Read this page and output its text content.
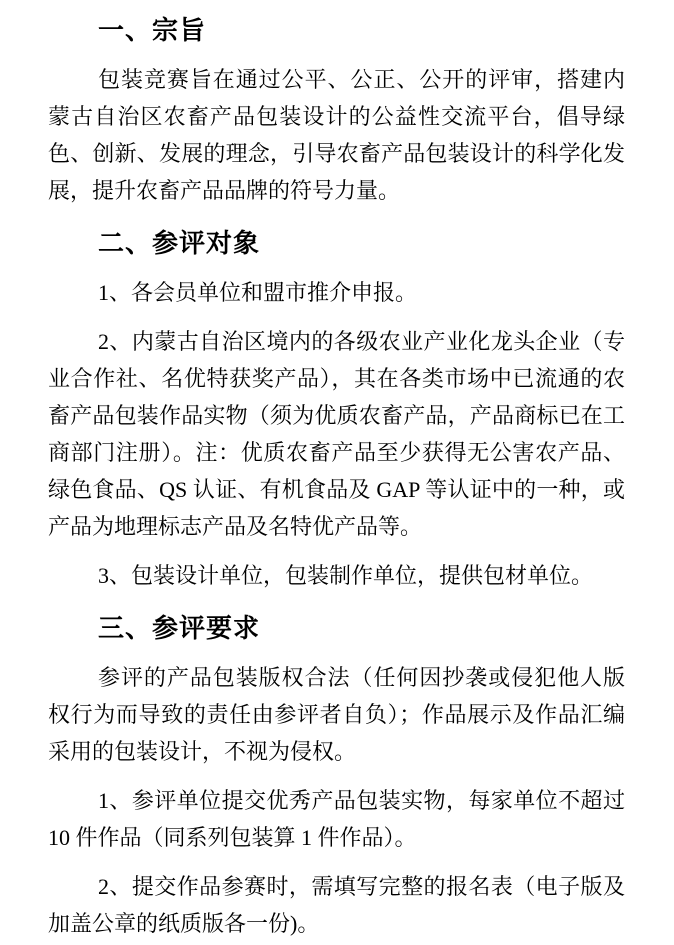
一、宗旨

包装竞赛旨在通过公平、公正、公开的评审，搭建内蒙古自治区农畜产品包装设计的公益性交流平台，倡导绿色、创新、发展的理念，引导农畜产品包装设计的科学化发展，提升农畜产品品牌的符号力量。

二、参评对象

1、各会员单位和盟市推介申报。

2、内蒙古自治区境内的各级农业产业化龙头企业（专业合作社、名优特获奖产品），其在各类市场中已流通的农畜产品包装作品实物（须为优质农畜产品，产品商标已在工商部门注册）。注：优质农畜产品至少获得无公害农产品、绿色食品、QS 认证、有机食品及 GAP 等认证中的一种，或产品为地理标志产品及名特优产品等。

3、包装设计单位，包装制作单位，提供包材单位。

三、参评要求

参评的产品包装版权合法（任何因抄袭或侵犯他人版权行为而导致的责任由参评者自负）；作品展示及作品汇编采用的包装设计，不视为侵权。

1、参评单位提交优秀产品包装实物，每家单位不超过 10 件作品（同系列包装算 1 件作品）。

2、提交作品参赛时，需填写完整的报名表（电子版及加盖公章的纸质版各一份)。
